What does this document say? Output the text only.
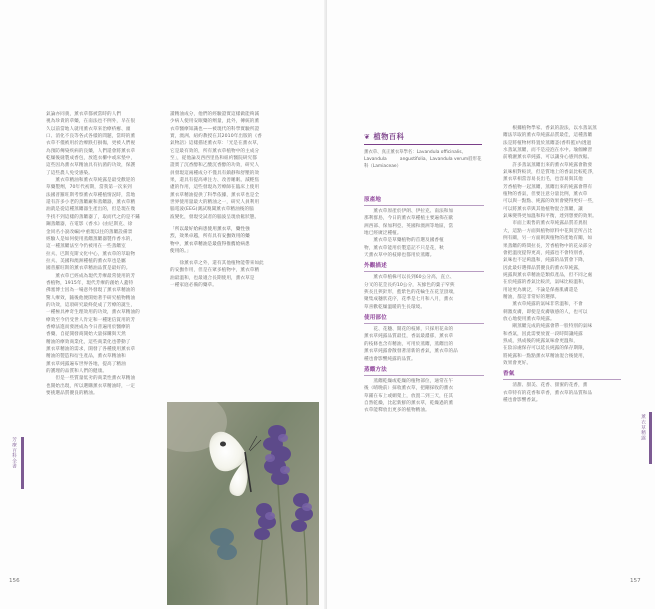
氣論亦同義，薰衣草都被當時的人們
視為珍貴的草藥，在南法也不例外，早在很
久以前當地人就用薰衣草來治療疥癬、頭
口、消化不良等各式各樣的問題，當時的薰
衣草不僅被用於治療跌打損傷，更被人們視
為預防傳染疾病的良藥，人們還會將薰衣草
乾燥後縫製成香包，放進衣櫃中或床墊中，
這些因為薰衣草精油具有抗菌的功效，保護
了這些農人免受感染。
　　薰衣草精油和薰衣草純露是最受歡迎的
草藥製劑，70年代初期，當我第一次來到
法國普羅旺斯考察薰衣草種植情況時，當地
還有許多小老的蒸餾廠和蒸餾器，薰衣草精
油就是從這種蒸餾器生產出的，但是現在幾
乎找不到這樣的蒸餾器了，取而代之的是不鏽
鋼蒸餾器，在電影《香水》(由尼斯克、徐
金同名小說改編)中重現以往的蒸餾設備景
經驗人是如何使用蒸餾蒸餾器製作香水的，
這一種蒸餾法至今仍被用在一些蒸餾室
拉夫、巴斯克斯文化中心，薰衣草的萃取物
拉夫、美國和澳洲種植的薰衣草也是屬
國普羅旺斯的薰衣草精油品質是最好的。
　　薰衣草已經成為現代芳療最常使用的芳
香植物，1915年，現代芳療的創始人蓋特
佛塞博士因為一場意外發現了薰衣草精油的
驚人療效，隨後他便開始著手研究植物精油
的功效，這項研究最終促成了芳療的誕生，
一種極具神奇生理效用的功效，薰衣草精油的
療效至今仍受世人肯定和一種迷信賞用的芳
香療法進而發展成為今日普遍用於醫療的
香藥，自從開發商開始大量採購與天然
精油的療效商業化，這些商業化也帶動了
薰衣草精油的需求，開發了各種使用薰衣草
精油的製造和衍生產品，薰衣草精油和
薰衣草純露遍布世界各地，提高了精油
的護理的品質和人們的健康。
　　但是一些質量低劣的商業性薰衣草精油
也開始出現，所以選購薰衣草精油時，一定
要挑選品質優良的精油。
讀精油成分，他們的經驗證實這樣做能夠減
少病人使用安眠藥的劑量，此外，傳統的薰
衣草醫療知識也——被現代的科學實驗所證
實，澳洲、紐約教授在其2010年出版的《香
氣物語》這樣描述薰衣草：「光是在薰衣草，
它是最有效的，所有薰衣草植物中的主成分
至」，從他論及西西里島和紐約醫院研究都
證實了沉香醇和乙酸沉香醇的功效，研究人
員發現這兩種成分不僅具有鎮靜和舒壓的效
果，還具有提高專注力、改善睡眠、減輕焦
慮的作用，這些發現為芳療師在臨床上使用
薰衣草精油提供了科學依據，薰衣草也是全
世界使用量最大的精油之一，研究人員利用
腦電波(EEG)測試嗅聞薰衣草精油後的腦
波變化，發現受試者的腦波呈現放鬆狀態。
「所以最好給病患使用薰衣草，藥性強
烈，效果卓越，所有具有安撫效用的藥
物中，薰衣草精油是最值得推薦給病患
使用的。」
　　徐薰衣草之外，還有其他植物能帶來如此
的安撫作用，但是在眾多植物中，薰衣草精
油最溫和，也最適合長期使用，薰衣草是
一種家庭必備的藥草。
芳療百科全書
156
❦ 植物百科
薰衣草、真正薰衣草學名：Lavandula officinalis、Lavandula　　　angustifolia、Lavandula verum唇形花科（Lamiaceae）
原產地
　　薰衣草原產於伊朗、伊拉克、南法和加
那利群島，今日的薰衣草種植主要遍佈在歐
洲西部、保加利亞、英國和澳洲等地區，當
地已經廣泛種植。
　　薰衣草是草藥植物的首選及國香植
物，薰衣草能用於製造記不只是花，秋
天薰衣草中的枝條也都用於蒸餾。
外觀描述
　　薰衣草植株可以長到60公分高，直立、
分叉的花莖長約10公分，灰綠色的葉子窄狹
狹長且狹針形，藍紫色的花輪生在花莖頂端，
聚集成穗狀花序，花季是七月和八月，薰衣
草喜歡乾燥溫暖的生長環境。
使用部位
　　花、花穗、開花的枝條，只採用花朵的
薰衣草純露品質最佳，香氣最濃郁，薰衣草
的枝條也含有精油，可用於蒸餾，蒸餾出的
薰衣草純露會散發著清新的香氣，薰衣草的品
種也會影響純露的品質。
蒸餾方法
　　蒸餾乾燥或乾燥的植物部位，通常在午
後（晴晚前）採收薰衣草，把剛採收的薰衣
草鋪在布上或網架上，放置二到三天，任其
自然乾燥，比起新鮮的薰衣草，乾燥過的薰
衣草能釋放出更多的植物精油。
　　根據植物學家、香氣的說法，以水蒸氣蒸
餾法萃取的薰衣草純露品質最佳，這種蒸餾
法是將植物材料置於蒸餾釜(香料籃)內透過
水蒸氣蒸餾，而不是浸泡在水中。瑜伽練習
前噴灑薰衣草純露，可以讓身心感到放鬆。
　　許多蒸氣蒸餾出來的薰衣草純露會散發
氣味相對較淡，但是質地上的香氣比較乾淨，
薰衣草相當容易長出毛，也容易與其他
芳香植物一起蒸餾，蒸餾出來的純露會帶有
植物的香氣，但要注意分量比例，薰衣草
可以與一點點、純露的效果會變得更好一些，
可以將薰衣草與其他植物混合蒸餾，讓
氣味變得更加溫和和平衡，達到想要的效果。
　　市面上販售的薰衣草純露品質差異很
大，這點一方面與植物原料中花與莖所占比
例有關，另一方面則與植物的產地有關，如
果蒸餾的時間拉長，芳香植物中的花朵部分
會把溫度提得更高，純露也不會特別香，
氣味也不足夠溫和，純露的品質會下降，
因此最好選擇品質優良的薰衣草純露，
純露與薰衣草精油是類似產品，但不同之處
在於純露的香氣比較淡，氣味比較溫和，
用途更為廣泛，不論是保養肌膚還是
精油，都是非常好的選擇。
　　薰衣草純露的氣味非常溫和，不會
刺激皮膚，即使是皮膚敏感的人，也可以
放心地使用薰衣草純露。
　　剛蒸餾完成的純露會帶一股特別的氣味
和香氣，因此需要放置一段時間讓純露
熟成，熟成後的純露氣味會更溫和，
在陰涼處保存可以延長純露的保存期限，
將純露和一點點薰衣草精油混合後使用，
效果會更好。
香氣
　　清甜、甜美、花香、甜蜜的花香，薰
衣草特有的花香和草香，薰衣草的品質和品
種也會影響香氣。
薰衣草精露
157
